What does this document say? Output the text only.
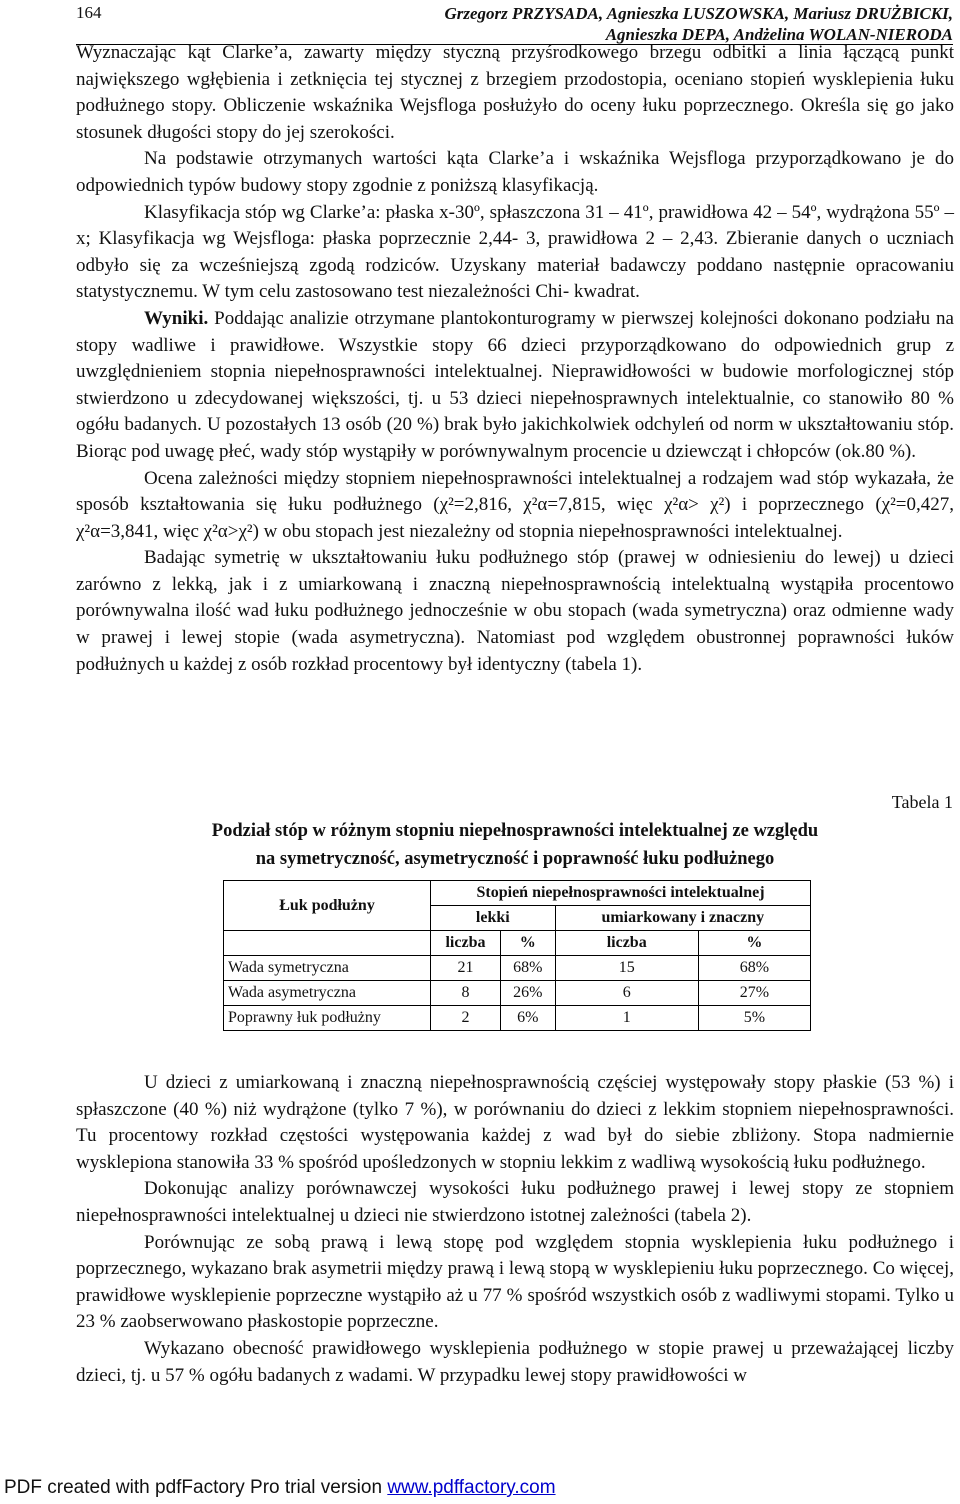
164	Grzegorz PRZYSADA, Agnieszka LUSZOWSKA, Mariusz DRUŻBICKI,
Agnieszka DEPA, Andżelina WOLAN-NIERODA

Wyznaczając kąt Clarke’a, zawarty między styczną przyśrodkowego brzegu odbitki a linia łączącą punkt największego wgłębienia i zetknięcia tej stycznej z brzegiem przodostopia, oceniano stopień wysklepienia łuku podłużnego stopy. Obliczenie wskaźnika Wejsfloga posłużyło do oceny łuku poprzecznego. Określa się go jako stosunek długości stopy do jej szerokości.

Na podstawie otrzymanych wartości kąta Clarke’a i wskaźnika Wejsfloga przyporządkowano je do odpowiednich typów budowy stopy zgodnie z poniższą klasyfikacją.

Klasyfikacja stóp wg Clarke’a: płaska x-30º, spłaszczona 31 – 41º, prawidłowa 42 – 54º, wydrążona 55º – x; Klasyfikacja wg Wejsfloga: płaska poprzecznie 2,44- 3, prawidłowa 2 – 2,43. Zbieranie danych o uczniach odbyło się za wcześniejszą zgodą rodziców. Uzyskany materiał badawczy poddano następnie opracowaniu statystycznemu. W tym celu zastosowano test niezależności Chi- kwadrat.

Wyniki. Poddając analizie otrzymane plantokonturogramy w pierwszej kolejności dokonano podziału na stopy wadliwe i prawidłowe. Wszystkie stopy 66 dzieci przyporządkowano do odpowiednich grup z uwzględnieniem stopnia niepełnosprawności intelektualnej. Nieprawidłowości w budowie morfologicznej stóp stwierdzono u zdecydowanej większości, tj. u 53 dzieci niepełnosprawnych intelektualnie, co stanowiło 80 % ogółu badanych. U pozostałych 13 osób (20 %) brak było jakichkolwiek odchyleń od norm w ukształtowaniu stóp. Biorąc pod uwagę płeć, wady stóp wystąpiły w porównywalnym procencie u dziewcząt i chłopców (ok.80 %).

Ocena zależności między stopniem niepełnosprawności intelektualnej a rodzajem wad stóp wykazała, że sposób kształtowania się łuku podłużnego (χ²=2,816, χ²α=7,815, więc χ²α> χ²) i poprzecznego (χ²=0,427, χ²α=3,841, więc χ²α>χ²) w obu stopach jest niezależny od stopnia niepełnosprawności intelektualnej.

Badając symetrię w ukształtowaniu łuku podłużnego stóp (prawej w odniesieniu do lewej) u dzieci zarówno z lekką, jak i z umiarkowaną i znaczną niepełnosprawnością intelektualną wystąpiła procentowo porównywalna ilość wad łuku podłużnego jednocześnie w obu stopach (wada symetryczna) oraz odmienne wady w prawej i lewej stopie (wada asymetryczna). Natomiast pod względem obustronnej poprawności łuków podłużnych u każdej z osób rozkład procentowy był identyczny (tabela 1).

Tabela 1
Podział stóp w różnym stopniu niepełnosprawności intelektualnej ze względu
na symetryczność, asymetryczność i poprawność łuku podłużnego
Łuk podłużny	Stopień niepełnosprawności intelektualnej			
	lekki		umiarkowany i znaczny	
	liczba	%	liczba	%
Wada symetryczna	21	68%	15	68%
Wada asymetryczna	8	26%	6	27%
Poprawny łuk podłużny	2	6%	1	5%

U dzieci z umiarkowaną i znaczną niepełnosprawnością częściej występowały stopy płaskie (53 %) i spłaszczone (40 %) niż wydrążone (tylko 7 %), w porównaniu do dzieci z lekkim stopniem niepełnosprawności. Tu procentowy rozkład częstości występowania każdej z wad był do siebie zbliżony. Stopa nadmiernie wysklepiona stanowiła 33 % spośród upośledzonych w stopniu lekkim z wadliwą wysokością łuku podłużnego.

Dokonując analizy porównawczej wysokości łuku podłużnego prawej i lewej stopy ze stopniem niepełnosprawności intelektualnej u dzieci nie stwierdzono istotnej zależności (tabela 2).

Porównując ze sobą prawą i lewą stopę pod względem stopnia wysklepienia łuku podłużnego i poprzecznego, wykazano brak asymetrii między prawą i lewą stopą w wysklepieniu łuku poprzecznego. Co więcej, prawidłowe wysklepienie poprzeczne wystąpiło aż u 77 % spośród wszystkich osób z wadliwymi stopami. Tylko u 23 % zaobserwowano płaskostopie poprzeczne.

Wykazano obecność prawidłowego wysklepienia podłużnego w stopie prawej u przeważającej liczby dzieci, tj. u 57 % ogółu badanych z wadami. W przypadku lewej stopy prawidłowości w

PDF created with pdfFactory Pro trial version www.pdffactory.com
